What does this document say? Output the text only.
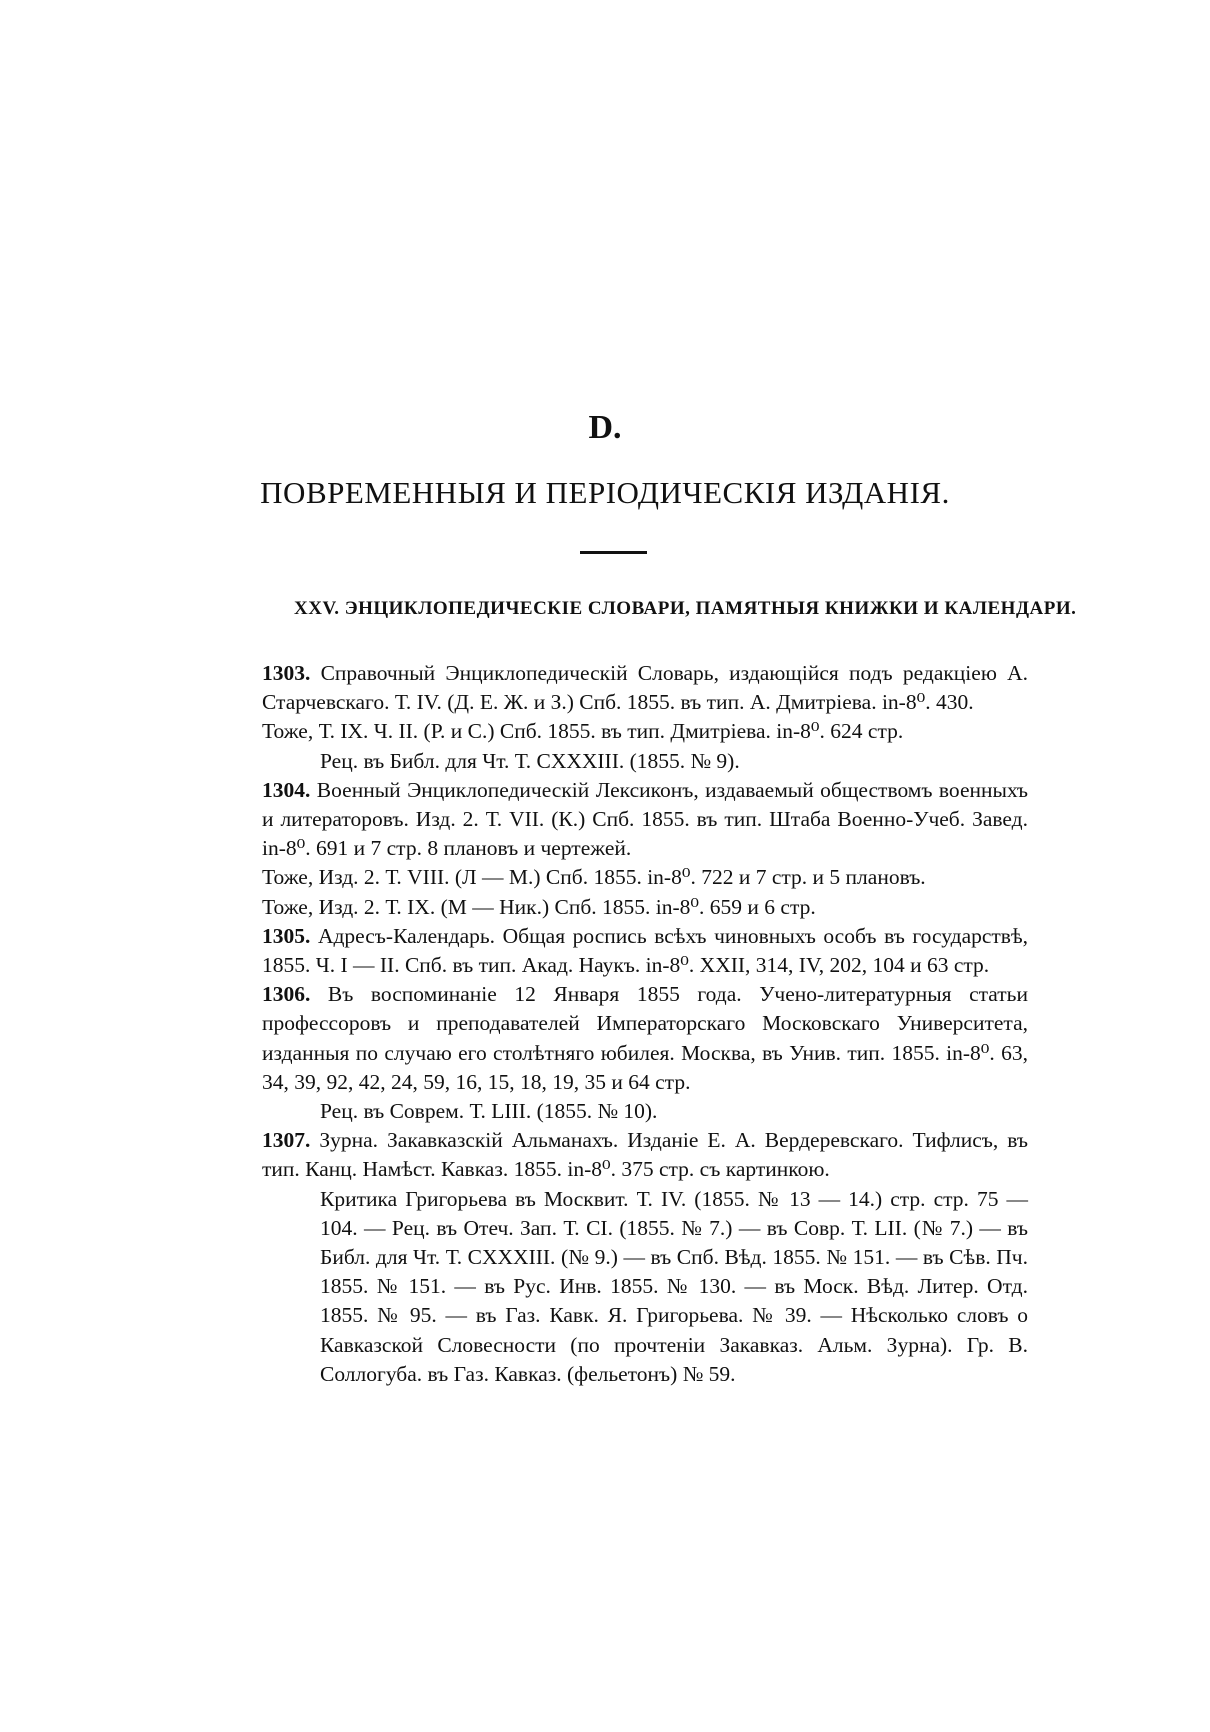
D.
ПОВРЕМЕННЫЯ И ПЕРІОДИЧЕСКІЯ ИЗДАНІЯ.
XXV. ЭНЦИКЛОПЕДИЧЕСКІЕ СЛОВАРИ, ПАМЯТНЫЯ КНИЖКИ И КАЛЕНДАРИ.

1303. Справочный Энциклопедическій Словарь, издающійся подъ редакціею А. Старчевскаго. Т. IV. (Д. Е. Ж. и З.) Спб. 1855. въ тип. А. Дмитріева. in-8⁰. 430.

Тоже, Т. IX. Ч. II. (Р. и С.) Спб. 1855. въ тип. Дмитріева. in-8⁰. 624 стр.

Рец. въ Библ. для Чт. Т. CXXXIII. (1855. № 9).

1304. Военный Энциклопедическій Лексиконъ, издаваемый обществомъ военныхъ и литераторовъ. Изд. 2. Т. VII. (К.) Спб. 1855. въ тип. Штаба Военно-Учеб. Завед. in-8⁰. 691 и 7 стр. 8 плановъ и чертежей.

Тоже, Изд. 2. Т. VIII. (Л — М.) Спб. 1855. in-8⁰. 722 и 7 стр. и 5 плановъ.

Тоже, Изд. 2. Т. IX. (М — Ник.) Спб. 1855. in-8⁰. 659 и 6 стр.

1305. Адресъ-Календарь. Общая роспись всѣхъ чиновныхъ особъ въ государствѣ, 1855. Ч. I — II. Спб. въ тип. Акад. Наукъ. in-8⁰. XXII, 314, IV, 202, 104 и 63 стр.

1306. Въ воспоминаніе 12 Января 1855 года. Учено-литературныя статьи профессоровъ и преподавателей Императорскаго Московскаго Университета, изданныя по случаю его столѣтняго юбилея. Москва, въ Унив. тип. 1855. in-8⁰. 63, 34, 39, 92, 42, 24, 59, 16, 15, 18, 19, 35 и 64 стр.

Рец. въ Соврем. Т. LIII. (1855. № 10).

1307. Зурна. Закавказскій Альманахъ. Изданіе Е. А. Вердеревскаго. Тифлисъ, въ тип. Канц. Намѣст. Кавказ. 1855. in-8⁰. 375 стр. съ картинкою.

Критика Григорьева въ Москвит. Т. IV. (1855. № 13 — 14.) стр. стр. 75 — 104. — Рец. въ Отеч. Зап. Т. CI. (1855. № 7.) — въ Совр. Т. LII. (№ 7.) — въ Библ. для Чт. Т. CXXXIII. (№ 9.) — въ Спб. Вѣд. 1855. № 151. — въ Сѣв. Пч. 1855. № 151. — въ Рус. Инв. 1855. № 130. — въ Моск. Вѣд. Литер. Отд. 1855. № 95. — въ Газ. Кавк. Я. Григорьева. № 39. — Нѣсколько словъ о Кавказской Словесности (по прочтеніи Закавказ. Альм. Зурна). Гр. В. Соллогуба. въ Газ. Кавказ. (фельетонъ) № 59.
